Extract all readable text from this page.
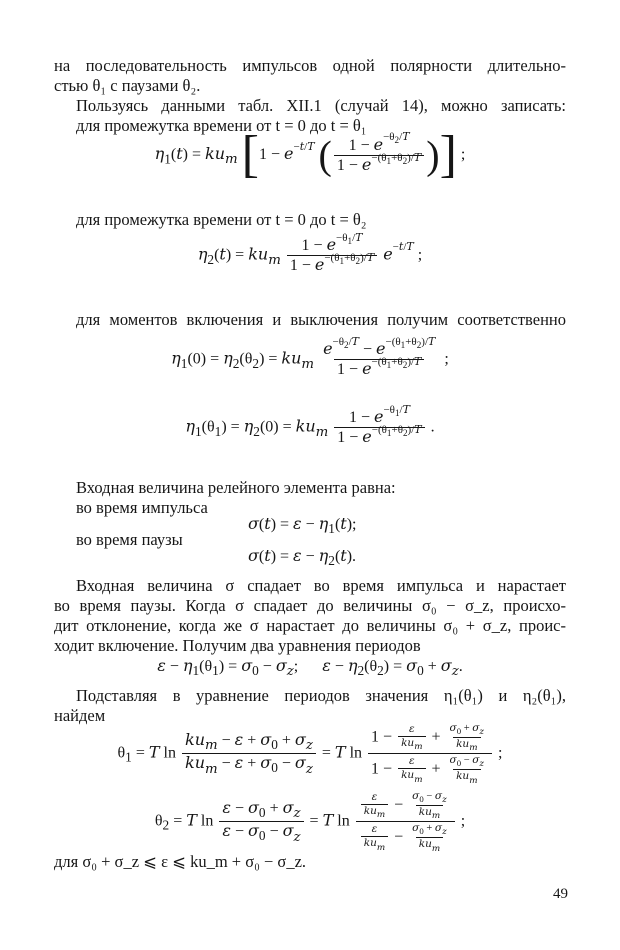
на последовательность импульсов одной полярности длительно-
стью θ₁ с паузами θ₂.
Пользуясь данными табл. XII.1 (случай 14), можно записать:
для промежутка времени от t = 0 до t = θ₁
$\eta_1(t) = ku_m$ [$1 - e^{-t/T}$ ( $\frac{1 - e^{-\theta_2/T}}{1 - e^{-(\theta_1+\theta_2)/T}}$ )] ;
для промежутка времени от t = 0 до t = θ₂
$\eta_2(t) = ku_m \frac{1 - e^{-\theta_1/T}}{1 - e^{-(\theta_1+\theta_2)/T}} e^{-t/T}$ ;
для моментов включения и выключения получим соответственно
$\eta_1(0) = \eta_2(\theta_2) = ku_m \frac{e^{-\theta_2/T} - e^{-(\theta_1+\theta_2)/T}}{1 - e^{-(\theta_1+\theta_2)/T}}$ ;
$\eta_1(\theta_1) = \eta_2(0) = ku_m \frac{1 - e^{-\theta_1/T}}{1 - e^{-(\theta_1+\theta_2)/T}}$ .
Входная величина релейного элемента равна:
во время импульса
$\sigma(t) = \varepsilon - \eta_1(t)$;
во время паузы
$\sigma(t) = \varepsilon - \eta_2(t)$.
Входная величина σ спадает во время импульса и нарастает
во время паузы. Когда σ спадает до величины σ₀ − σ_z, происхо-
дит отклонение, когда же σ нарастает до величины σ₀ + σ_z, проис-
ходит включение. Получим два уравнения периодов
$\varepsilon - \eta_1(\theta_1) = \sigma_0 - \sigma_z$;      $\varepsilon - \eta_2(\theta_2) = \sigma_0 + \sigma_z$.
Подставляя в уравнение периодов значения η₁(θ₁) и η₂(θ₁),
найдем
$\theta_1 = T$ ln
$ku_m - \varepsilon + \sigma_0 + \sigma_z$
$ku_m - \varepsilon + \sigma_0 - \sigma_z$
= T ln
1 − ε
$ku_m$
+
$\sigma_0 + \sigma_z$
$ku_m$
1 − ε
$ku_m$
+
$\sigma_0 - \sigma_z$
$ku_m$
;
$\theta_2 = T$ $\ln \frac{\varepsilon - \sigma_0 + \sigma_z}{\varepsilon - \sigma_0 - \sigma_z} = T$ ln
ε
$ku_m$
−
$\sigma_0 - \sigma_z$
$ku_m$
ε
$ku_m$
−
$\sigma_0 + \sigma_z$
$ku_m$
;
для σ₀ + σ_z ⩽ ε ⩽ ku_m + σ₀ − σ_z.
49
